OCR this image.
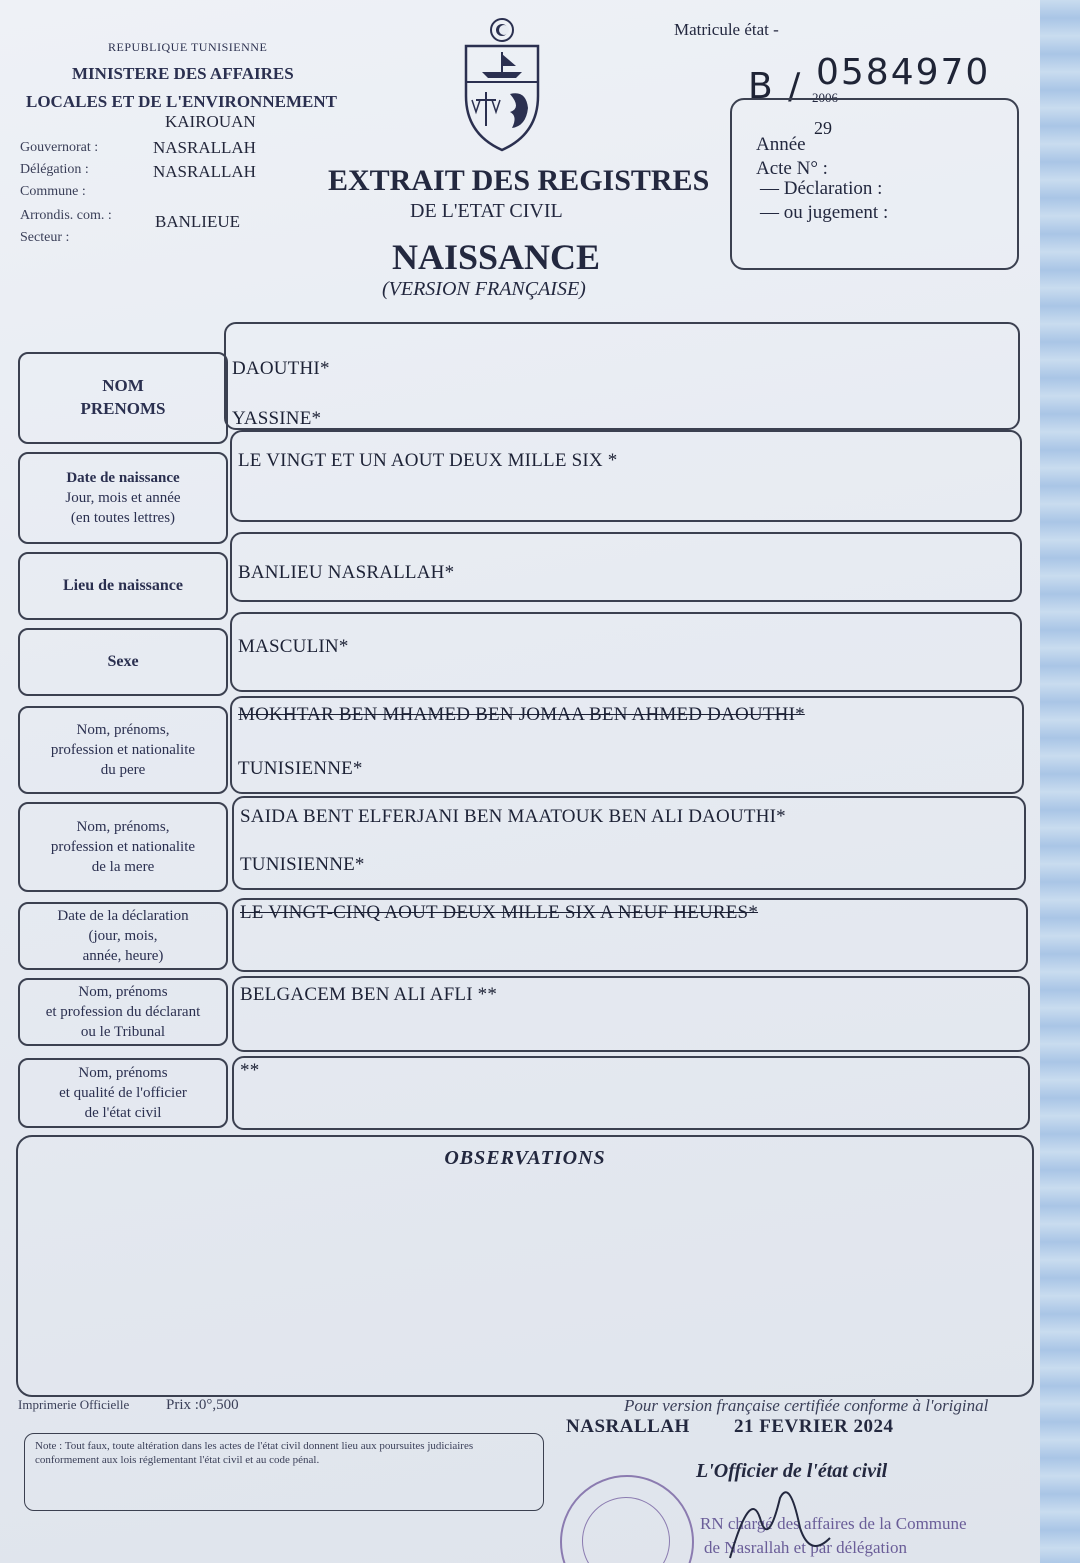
REPUBLIQUE TUNISIENNE
MINISTERE DES AFFAIRES
LOCALES ET DE L'ENVIRONNEMENT
Gouvernorat :
KAIROUAN
Délégation :
NASRALLAH
Commune :
NASRALLAH
Arrondis. com. :	BANLIEUE
Secteur :
EXTRAIT DES REGISTRES
DE L'ETAT CIVIL
NAISSANCE
(VERSION FRANÇAISE)
Matricule état -
B / 0584970
2006
Année
29
Acte N° :
— Déclaration :
— ou jugement :
NOM
PRENOMS
DAOUTHI*
YASSINE*
Date de naissance
Jour, mois et année
(en toutes lettres)
LE VINGT ET UN AOUT DEUX MILLE SIX *
Lieu de naissance
BANLIEU NASRALLAH*
Sexe
MASCULIN*
Nom, prénoms,
profession et nationalite
du pere
MOKHTAR BEN MHAMED BEN JOMAA BEN AHMED DAOUTHI*
TUNISIENNE*
Nom, prénoms,
profession et nationalite
de la mere
SAIDA BENT ELFERJANI BEN MAATOUK BEN ALI DAOUTHI*
TUNISIENNE*
Date de la déclaration
(jour, mois,
année, heure)
LE VINGT-CINQ AOUT DEUX MILLE SIX A NEUF HEURES*
Nom, prénoms
et profession du déclarant
ou le Tribunal
BELGACEM BEN ALI AFLI **
Nom, prénoms
et qualité de l'officier
de l'état civil
**
OBSERVATIONS
Imprimerie Officielle Prix :0°,500
Note : Tout faux, toute altération dans les actes de l'état civil donnent lieu aux poursuites judiciaires conformement aux lois réglementant l'état civil et au code pénal.
Pour version française certifiée conforme à l'original
NASRALLAH 21 FEVRIER 2024
L'Officier de l'état civil
RN chargé des affaires de la Commune
de Nasrallah et par délégation
